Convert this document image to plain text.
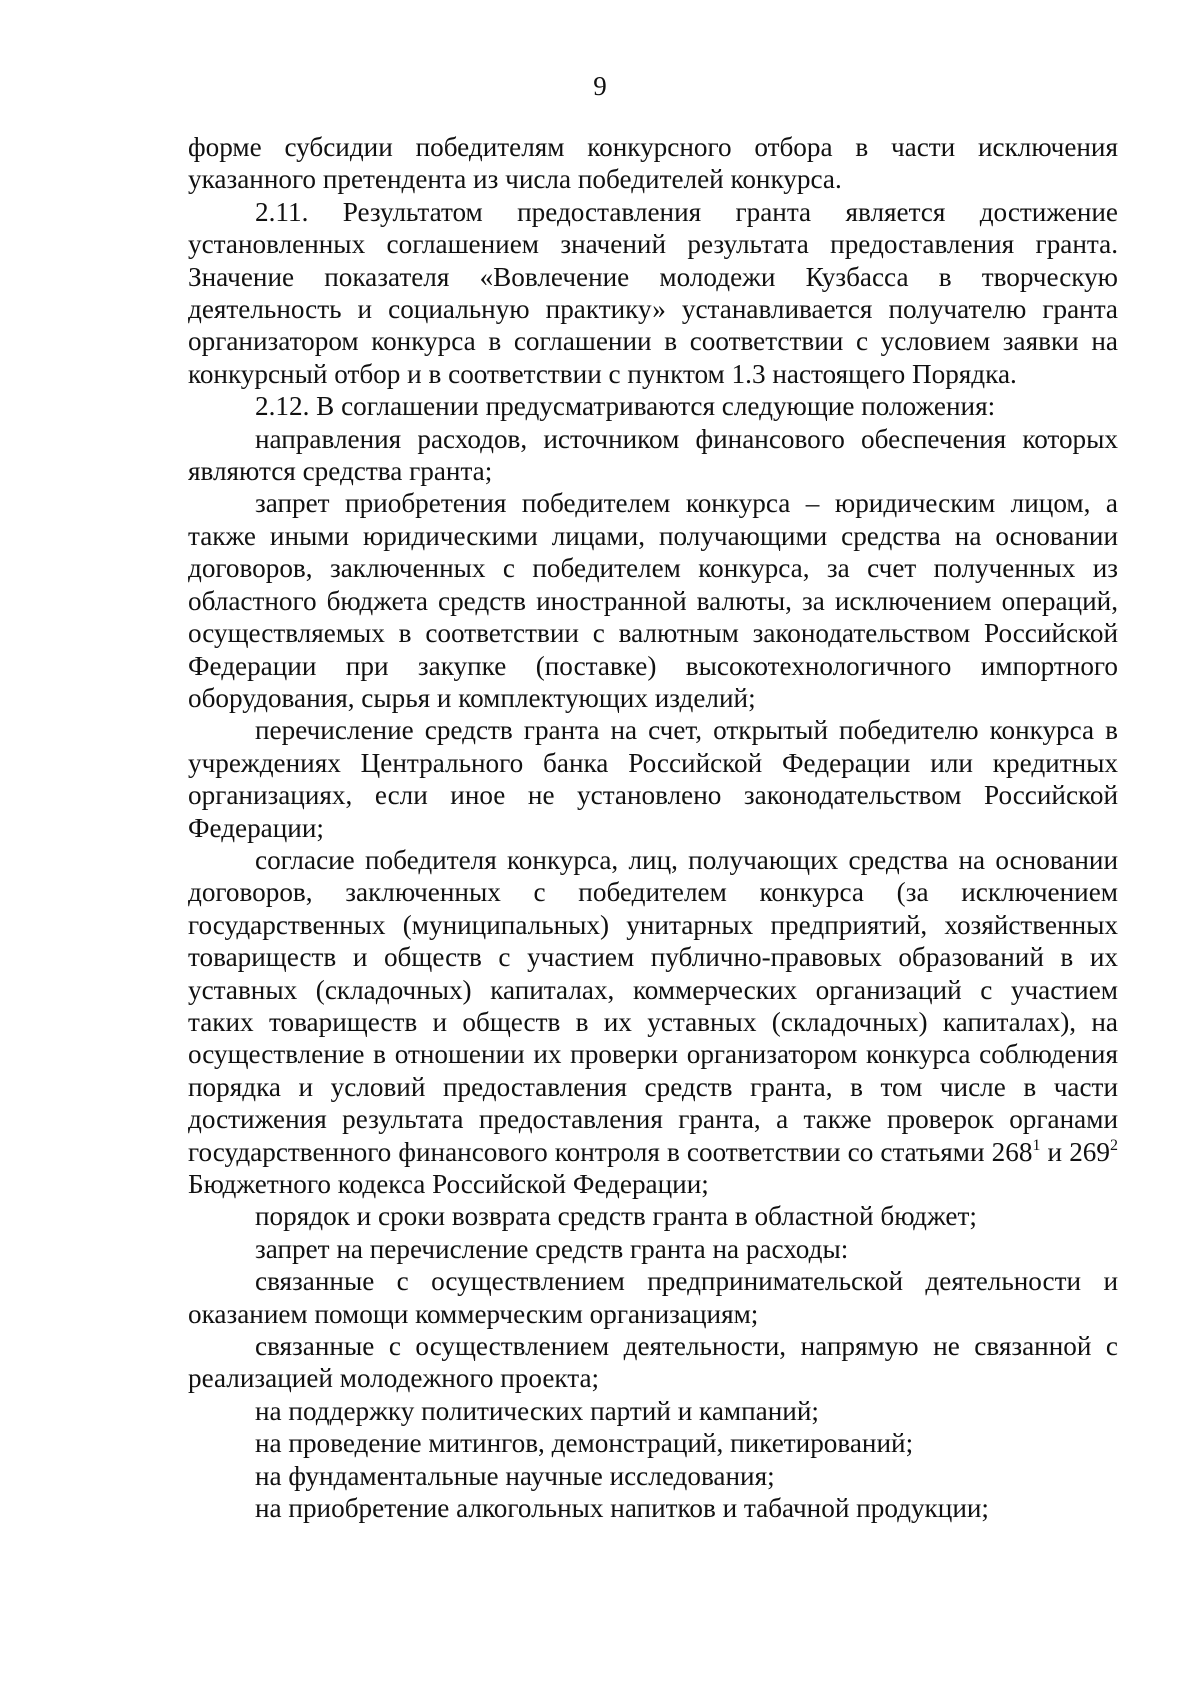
9

форме субсидии победителям конкурсного отбора в части исключения указанного претендента из числа победителей конкурса.

2.11. Результатом предоставления гранта является достижение установленных соглашением значений результата предоставления гранта. Значение показателя «Вовлечение молодежи Кузбасса в творческую деятельность и социальную практику» устанавливается получателю гранта организатором конкурса в соглашении в соответствии с условием заявки на конкурсный отбор и в соответствии с пунктом 1.3 настоящего Порядка.

2.12. В соглашении предусматриваются следующие положения:

направления расходов, источником финансового обеспечения которых являются средства гранта;

запрет приобретения победителем конкурса – юридическим лицом, а также иными юридическими лицами, получающими средства на основании договоров, заключенных с победителем конкурса, за счет полученных из областного бюджета средств иностранной валюты, за исключением операций, осуществляемых в соответствии с валютным законодательством Российской Федерации при закупке (поставке) высокотехнологичного импортного оборудования, сырья и комплектующих изделий;

перечисление средств гранта на счет, открытый победителю конкурса в учреждениях Центрального банка Российской Федерации или кредитных организациях, если иное не установлено законодательством Российской Федерации;

согласие победителя конкурса, лиц, получающих средства на основании договоров, заключенных с победителем конкурса (за исключением государственных (муниципальных) унитарных предприятий, хозяйственных товариществ и обществ с участием публично-правовых образований в их уставных (складочных) капиталах, коммерческих организаций с участием таких товариществ и обществ в их уставных (складочных) капиталах), на осуществление в отношении их проверки организатором конкурса соблюдения порядка и условий предоставления средств гранта, в том числе в части достижения результата предоставления гранта, а также проверок органами государственного финансового контроля в соответствии со статьями $268^1$ и $269^2$ Бюджетного кодекса Российской Федерации;

порядок и сроки возврата средств гранта в областной бюджет;

запрет на перечисление средств гранта на расходы:

связанные с осуществлением предпринимательской деятельности и оказанием помощи коммерческим организациям;

связанные с осуществлением деятельности, напрямую не связанной с реализацией молодежного проекта;

на поддержку политических партий и кампаний;

на проведение митингов, демонстраций, пикетирований;

на фундаментальные научные исследования;

на приобретение алкогольных напитков и табачной продукции;
